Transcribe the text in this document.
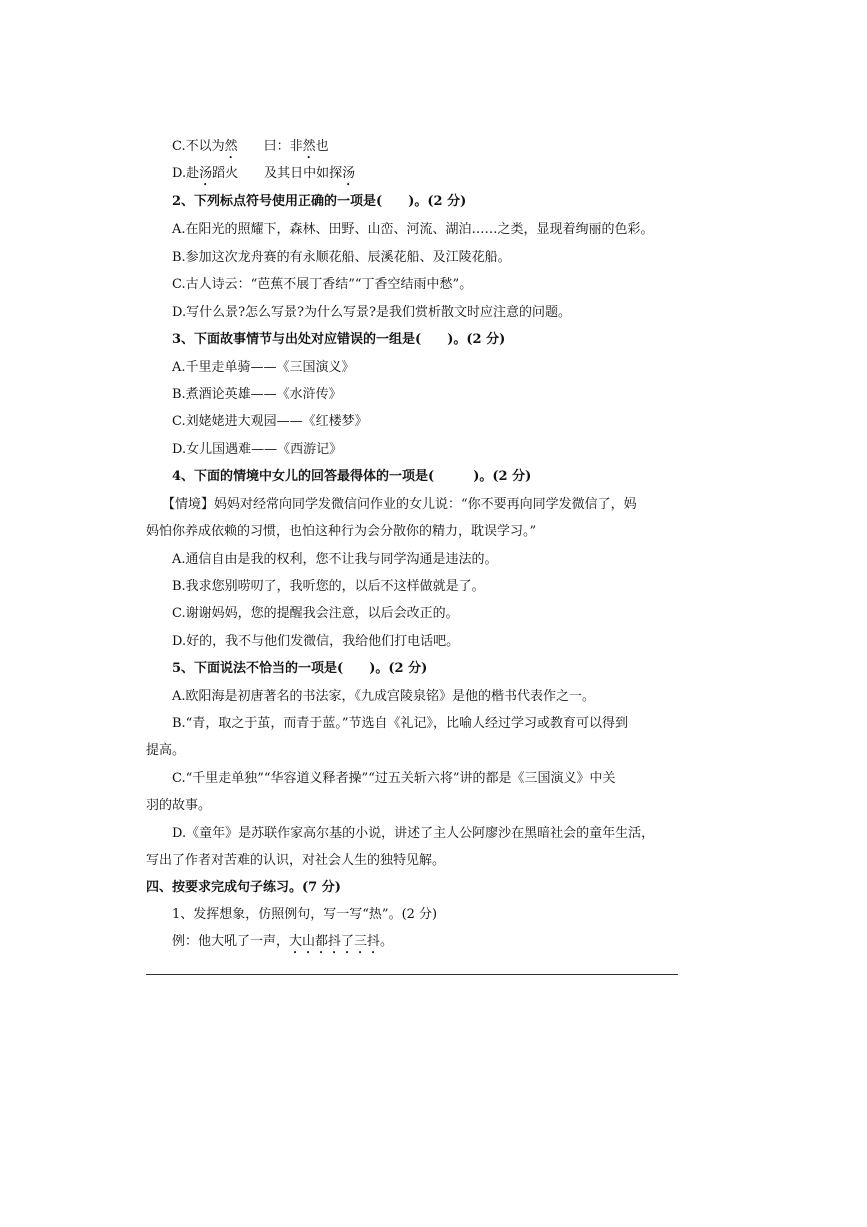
C.不以为然 曰：非然也
D.赴汤蹈火 及其日中如探汤
2、下列标点符号使用正确的一项是(　　)。(2 分)
A.在阳光的照耀下，森林、田野、山峦、河流、湖泊……之类，显现着绚丽的色彩。
B.参加这次龙舟赛的有永顺花船、辰溪花船、及江陵花船。
C.古人诗云：“芭蕉不展丁香结”“丁香空结雨中愁”。
D.写什么景?怎么写景?为什么写景?是我们赏析散文时应注意的问题。
3、下面故事情节与出处对应错误的一组是(　　)。(2 分)
A.千里走单骑——《三国演义》
B.煮酒论英雄——《水浒传》
C.刘姥姥进大观园——《红楼梦》
D.女儿国遇难——《西游记》
4、下面的情境中女儿的回答最得体的一项是(　　　)。(2 分)
【情境】妈妈对经常向同学发微信问作业的女儿说：“你不要再向同学发微信了，妈
妈怕你养成依赖的习惯，也怕这种行为会分散你的精力，耽误学习。”
A.通信自由是我的权利，您不让我与同学沟通是违法的。
B.我求您别唠叨了，我听您的，以后不这样做就是了。
C.谢谢妈妈，您的提醒我会注意，以后会改正的。
D.好的，我不与他们发微信，我给他们打电话吧。
5、下面说法不恰当的一项是(　　)。(2 分)
A.欧阳海是初唐著名的书法家，《九成宫陵泉铭》是他的楷书代表作之一。
B.“青，取之于茧，而青于蓝。”节选自《礼记》，比喻人经过学习或教育可以得到
提高。
C.“千里走单独”“华容道义释者操”“过五关斩六将”讲的都是《三国演义》中关
羽的故事。
D.《童年》是苏联作家高尔基的小说，讲述了主人公阿廖沙在黑暗社会的童年生活，
写出了作者对苦难的认识，对社会人生的独特见解。
四、按要求完成句子练习。(7 分)
1、发挥想象，仿照例句，写一写“热”。(2 分)
例：他大吼了一声，大山都抖了三抖。
